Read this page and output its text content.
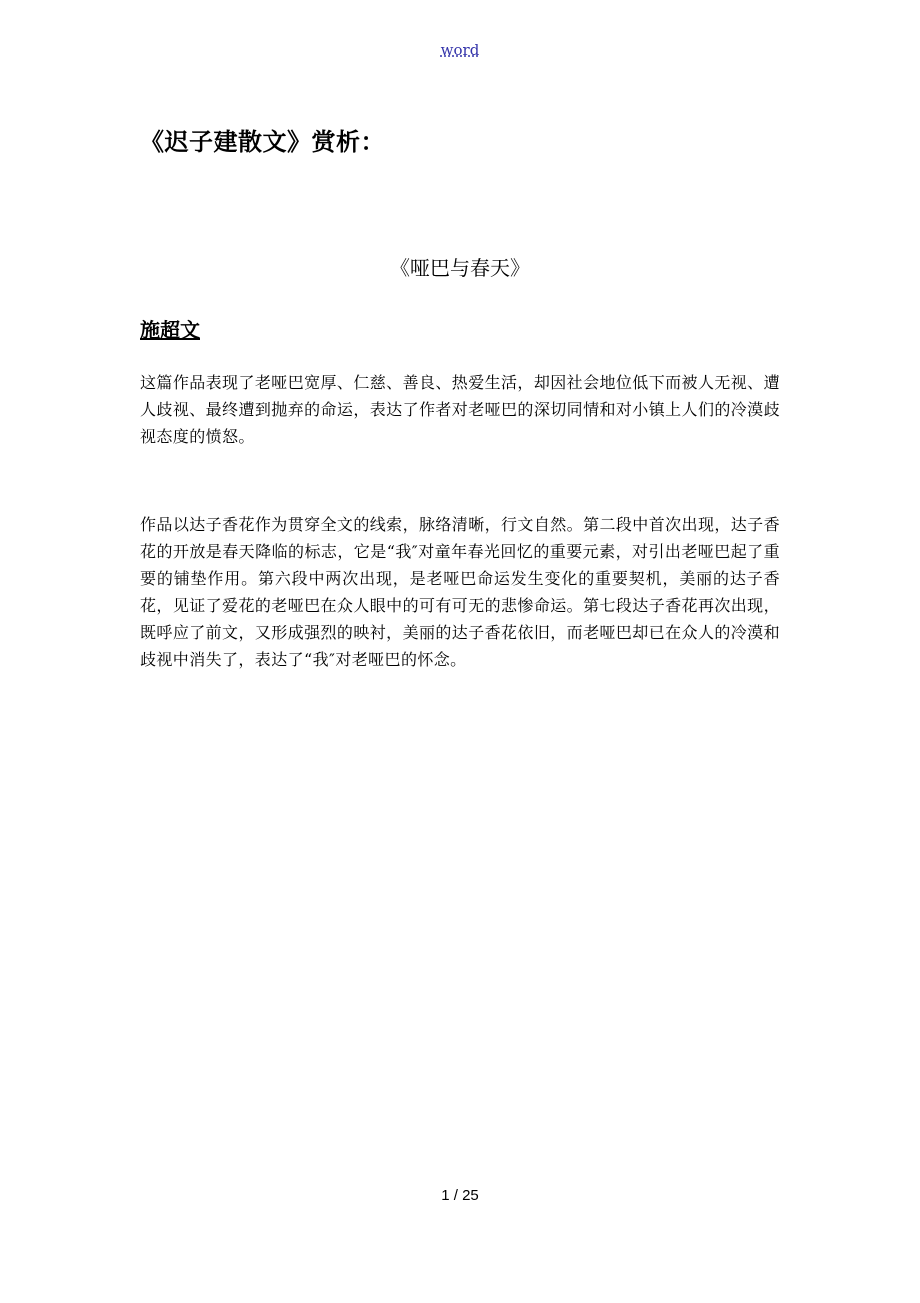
word
《迟子建散文》赏析：
《哑巴与春天》
施超文

这篇作品表现了老哑巴宽厚、仁慈、善良、热爱生活，却因社会地位低下而被人无视、遭人歧视、最终遭到抛弃的命运，表达了作者对老哑巴的深切同情和对小镇上人们的冷漠歧视态度的愤怒。

作品以达子香花作为贯穿全文的线索，脉络清晰，行文自然。第二段中首次出现，达子香花的开放是春天降临的标志，它是“我″对童年春光回忆的重要元素，对引出老哑巴起了重要的铺垫作用。第六段中两次出现，是老哑巴命运发生变化的重要契机，美丽的达子香花，见证了爱花的老哑巴在众人眼中的可有可无的悲惨命运。第七段达子香花再次出现，既呼应了前文，又形成强烈的映衬，美丽的达子香花依旧，而老哑巴却已在众人的冷漠和歧视中消失了，表达了“我″对老哑巴的怀念。

1 / 25
